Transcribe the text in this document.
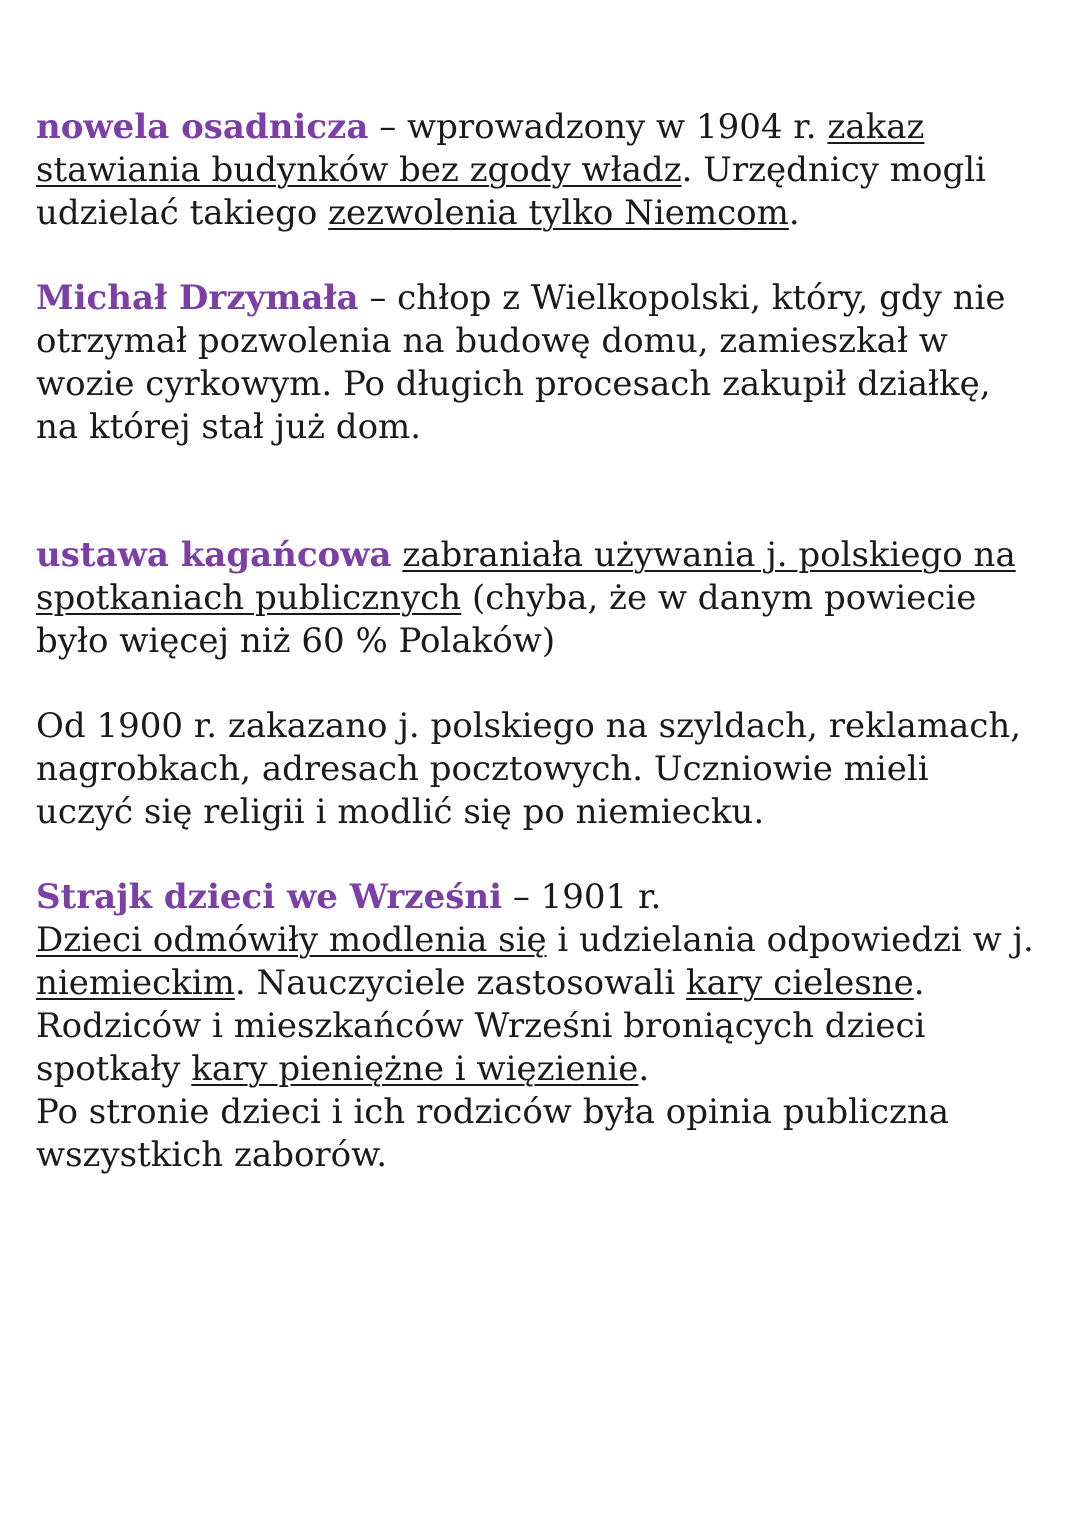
nowela osadnicza – wprowadzony w 1904 r. zakaz stawiania budynków bez zgody władz. Urzędnicy mogli udzielać takiego zezwolenia tylko Niemcom.

Michał Drzymała – chłop z Wielkopolski, który, gdy nie otrzymał pozwolenia na budowę domu, zamieszkał w wozie cyrkowym. Po długich procesach zakupił działkę, na której stał już dom.

ustawa kagańcowa zabraniała używania j. polskiego na spotkaniach publicznych (chyba, że w danym powiecie było więcej niż 60 % Polaków)

Od 1900 r. zakazano j. polskiego na szyldach, reklamach, nagrobkach, adresach pocztowych. Uczniowie mieli uczyć się religii i modlić się po niemiecku.

Strajk dzieci we Wrześni – 1901 r.
Dzieci odmówiły modlenia się i udzielania odpowiedzi w j. niemieckim. Nauczyciele zastosowali kary cielesne. Rodziców i mieszkańców Wrześni broniących dzieci spotkały kary pieniężne i więzienie.
Po stronie dzieci i ich rodziców była opinia publiczna wszystkich zaborów.
